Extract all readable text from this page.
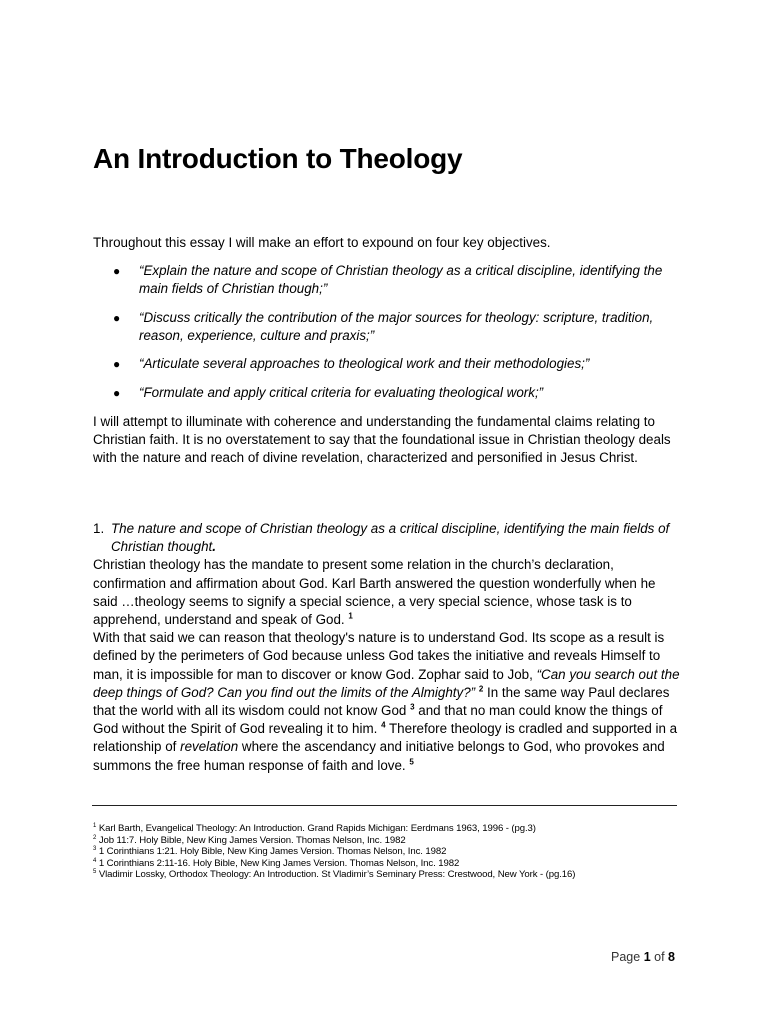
An Introduction to Theology
Throughout this essay I will make an effort to expound on four key objectives.
● “Explain the nature and scope of Christian theology as a critical discipline, identifying the main fields of Christian though;”
● “Discuss critically the contribution of the major sources for theology: scripture, tradition, reason, experience, culture and praxis;”
● “Articulate several approaches to theological work and their methodologies;”
● “Formulate and apply critical criteria for evaluating theological work;”
I will attempt to illuminate with coherence and understanding the fundamental claims relating to Christian faith. It is no overstatement to say that the foundational issue in Christian theology deals with the nature and reach of divine revelation, characterized and personified in Jesus Christ.
1. The nature and scope of Christian theology as a critical discipline, identifying the main fields of Christian thought.
Christian theology has the mandate to present some relation in the church’s declaration, confirmation and affirmation about God. Karl Barth answered the question wonderfully when he said …theology seems to signify a special science, a very special science, whose task is to apprehend, understand and speak of God. $^1$
With that said we can reason that theology's nature is to understand God. Its scope as a result is defined by the perimeters of God because unless God takes the initiative and reveals Himself to man, it is impossible for man to discover or know God. Zophar said to Job, “Can you search out the deep things of God? Can you find out the limits of the Almighty?” $^2$ In the same way Paul declares that the world with all its wisdom could not know God $^3$ and that no man could know the things of God without the Spirit of God revealing it to him. $^4$ Therefore theology is cradled and supported in a relationship of revelation where the ascendancy and initiative belongs to God, who provokes and summons the free human response of faith and love. $^5$
$^1$ Karl Barth, Evangelical Theology: An Introduction. Grand Rapids Michigan: Eerdmans 1963, 1996 - (pg.3)
$^2$ Job 11:7. Holy Bible, New King James Version. Thomas Nelson, Inc. 1982
$^3$ 1 Corinthians 1:21. Holy Bible, New King James Version. Thomas Nelson, Inc. 1982
$^4$ 1 Corinthians 2:11-16. Holy Bible, New King James Version. Thomas Nelson, Inc. 1982
$^5$ Vladimir Lossky, Orthodox Theology: An Introduction. St Vladimir’s Seminary Press: Crestwood, New York - (pg.16)
Page 1 of 8
